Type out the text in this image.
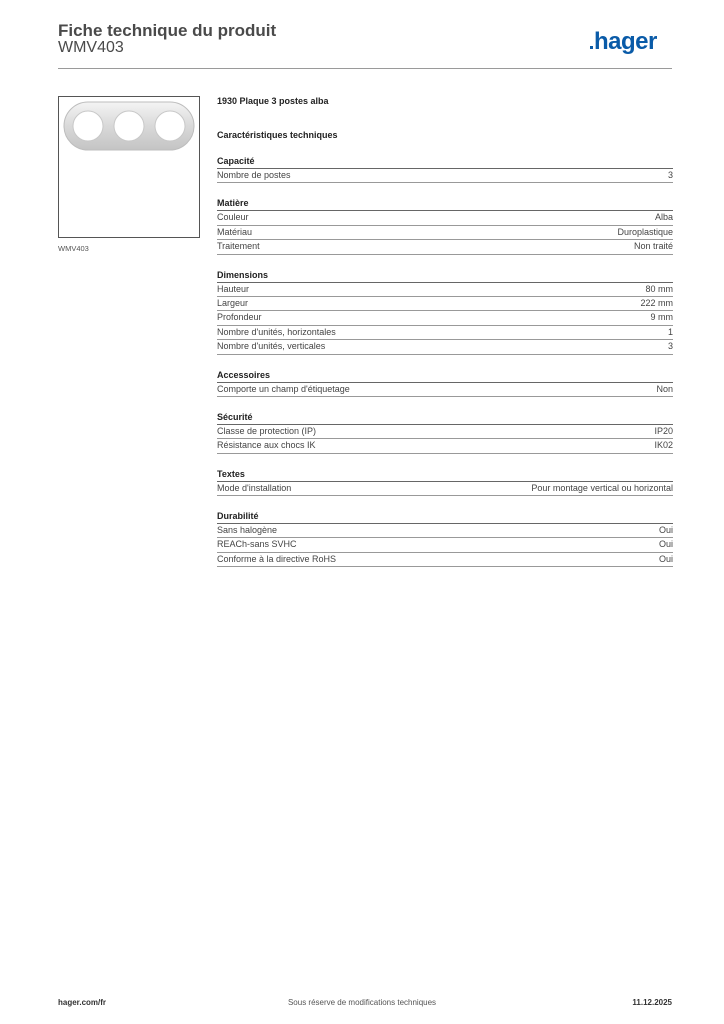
Fiche technique du produit
WMV403	hager
WMV403
1930 Plaque 3 postes alba
Caractéristiques techniques
Capacité
Nombre de postes	3
Matière
Couleur	Alba
Matériau	Duroplastique
Traitement	Non traité
Dimensions
Hauteur	80 mm
Largeur	222 mm
Profondeur	9 mm
Nombre d'unités, horizontales	1
Nombre d'unités, verticales	3
Accessoires
Comporte un champ d'étiquetage	Non
Sécurité
Classe de protection (IP)	IP20
Résistance aux chocs IK	IK02
Textes
Mode d'installation	Pour montage vertical ou horizontal
Durabilité
Sans halogène	Oui
REACh-sans SVHC	Oui
Conforme à la directive RoHS	Oui
hager.com/fr	Sous réserve de modifications techniques	11.12.2025
